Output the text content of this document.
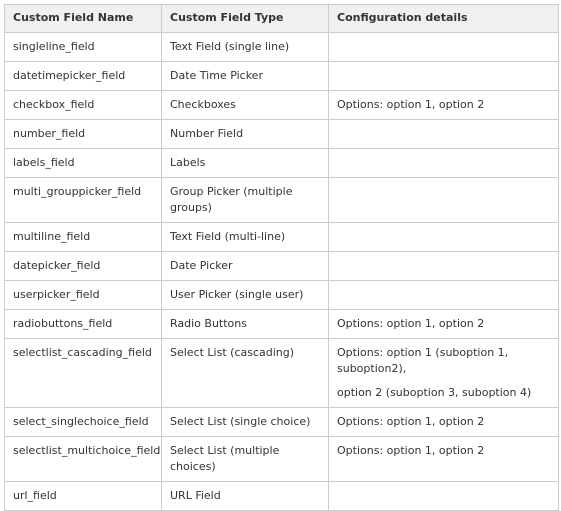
Custom Field Name	Custom Field Type	Configuration details
singleline_field	Text Field (single line)	
datetimepicker_field	Date Time Picker	
checkbox_field	Checkboxes	Options: option 1, option 2

number_field	Number Field	
labels_field	Labels	
multi_grouppicker_field	Group Picker (multiple groups)	
multiline_field	Text Field (multi-line)	
datepicker_field	Date Picker	
userpicker_field	User Picker (single user)	
radiobuttons_field	Radio Buttons	Options: option 1, option 2

selectlist_cascading_field	Select List (cascading)	Options: option 1 (suboption 1, suboption2),
option 2 (suboption 3, suboption 4)

select_singlechoice_field	Select List (single choice)	Options: option 1, option 2

selectlist_multichoice_field	Select List (multiple choices)	Options: option 1, option 2

url_field	URL Field	
